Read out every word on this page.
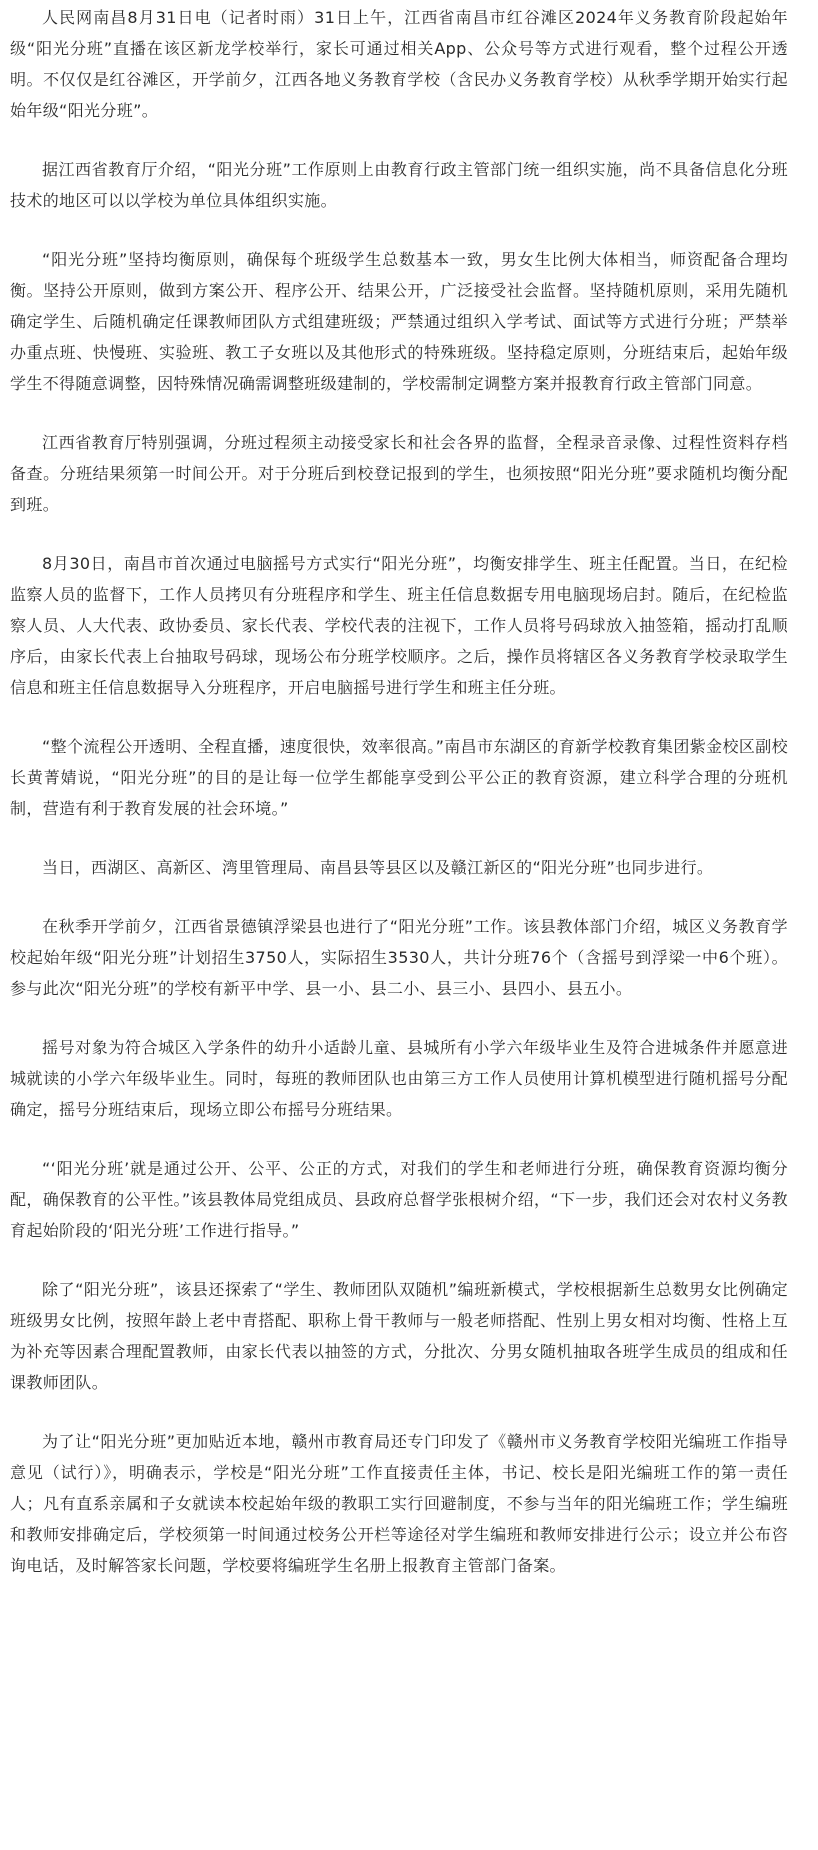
人民网南昌8月31日电（记者时雨）31日上午，江西省南昌市红谷滩区2024年义务教育阶段起始年级“阳光分班”直播在该区新龙学校举行，家长可通过相关App、公众号等方式进行观看，整个过程公开透明。不仅仅是红谷滩区，开学前夕，江西各地义务教育学校（含民办义务教育学校）从秋季学期开始实行起始年级“阳光分班”。

据江西省教育厅介绍，“阳光分班”工作原则上由教育行政主管部门统一组织实施，尚不具备信息化分班技术的地区可以以学校为单位具体组织实施。

“阳光分班”坚持均衡原则，确保每个班级学生总数基本一致，男女生比例大体相当，师资配备合理均衡。坚持公开原则，做到方案公开、程序公开、结果公开，广泛接受社会监督。坚持随机原则，采用先随机确定学生、后随机确定任课教师团队方式组建班级；严禁通过组织入学考试、面试等方式进行分班；严禁举办重点班、快慢班、实验班、教工子女班以及其他形式的特殊班级。坚持稳定原则，分班结束后，起始年级学生不得随意调整，因特殊情况确需调整班级建制的，学校需制定调整方案并报教育行政主管部门同意。

江西省教育厅特别强调，分班过程须主动接受家长和社会各界的监督，全程录音录像、过程性资料存档备查。分班结果须第一时间公开。对于分班后到校登记报到的学生，也须按照“阳光分班”要求随机均衡分配到班。

8月30日，南昌市首次通过电脑摇号方式实行“阳光分班”，均衡安排学生、班主任配置。当日，在纪检监察人员的监督下，工作人员拷贝有分班程序和学生、班主任信息数据专用电脑现场启封。随后，在纪检监察人员、人大代表、政协委员、家长代表、学校代表的注视下，工作人员将号码球放入抽签箱，摇动打乱顺序后，由家长代表上台抽取号码球，现场公布分班学校顺序。之后，操作员将辖区各义务教育学校录取学生信息和班主任信息数据导入分班程序，开启电脑摇号进行学生和班主任分班。

“整个流程公开透明、全程直播，速度很快，效率很高。”南昌市东湖区的育新学校教育集团紫金校区副校长黄菁婧说，“阳光分班”的目的是让每一位学生都能享受到公平公正的教育资源，建立科学合理的分班机制，营造有利于教育发展的社会环境。”

当日，西湖区、高新区、湾里管理局、南昌县等县区以及赣江新区的“阳光分班”也同步进行。

在秋季开学前夕，江西省景德镇浮梁县也进行了“阳光分班”工作。该县教体部门介绍，城区义务教育学校起始年级“阳光分班”计划招生3750人，实际招生3530人，共计分班76个（含摇号到浮梁一中6个班）。参与此次“阳光分班”的学校有新平中学、县一小、县二小、县三小、县四小、县五小。

摇号对象为符合城区入学条件的幼升小适龄儿童、县城所有小学六年级毕业生及符合进城条件并愿意进城就读的小学六年级毕业生。同时，每班的教师团队也由第三方工作人员使用计算机模型进行随机摇号分配确定，摇号分班结束后，现场立即公布摇号分班结果。

“‘阳光分班’就是通过公开、公平、公正的方式，对我们的学生和老师进行分班，确保教育资源均衡分配，确保教育的公平性。”该县教体局党组成员、县政府总督学张根树介绍，“下一步，我们还会对农村义务教育起始阶段的‘阳光分班’工作进行指导。”

除了“阳光分班”，该县还探索了“学生、教师团队双随机”编班新模式，学校根据新生总数男女比例确定班级男女比例，按照年龄上老中青搭配、职称上骨干教师与一般老师搭配、性别上男女相对均衡、性格上互为补充等因素合理配置教师，由家长代表以抽签的方式，分批次、分男女随机抽取各班学生成员的组成和任课教师团队。

为了让“阳光分班”更加贴近本地，赣州市教育局还专门印发了《赣州市义务教育学校阳光编班工作指导意见（试行）》，明确表示，学校是“阳光分班”工作直接责任主体，书记、校长是阳光编班工作的第一责任人；凡有直系亲属和子女就读本校起始年级的教职工实行回避制度，不参与当年的阳光编班工作；学生编班和教师安排确定后，学校须第一时间通过校务公开栏等途径对学生编班和教师安排进行公示；设立并公布咨询电话，及时解答家长问题，学校要将编班学生名册上报教育主管部门备案。
